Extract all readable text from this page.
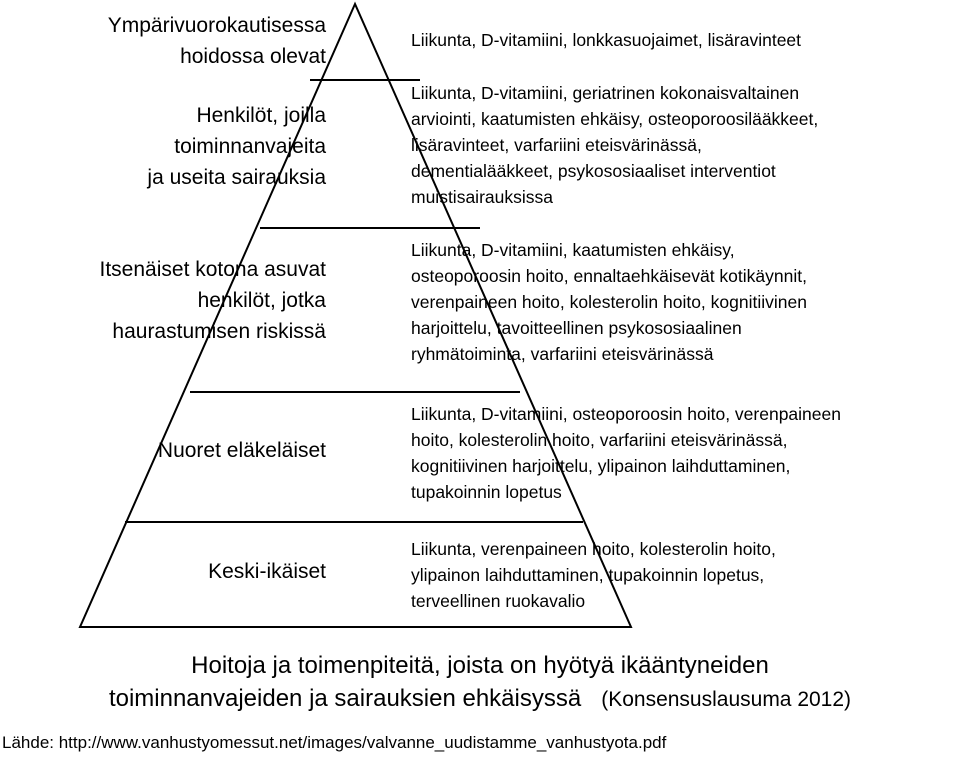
Ympärivuorokautisessa
hoidossa olevat
Henkilöt, joilla
toiminnanvajeita
ja useita sairauksia
Itsenäiset kotona asuvat
henkilöt, jotka
haurastumisen riskissä
Nuoret eläkeläiset
Keski-ikäiset
Liikunta, D-vitamiini, lonkkasuojaimet, lisäravinteet
Liikunta, D-vitamiini, geriatrinen kokonaisvaltainen
arviointi, kaatumisten ehkäisy, osteoporoosilääkkeet,
lisäravinteet, varfariini eteisvärinässä,
dementialääkkeet, psykososiaaliset interventiot
muistisairauksissa
Liikunta, D-vitamiini, kaatumisten ehkäisy,
osteoporoosin hoito, ennaltaehkäisevät kotikäynnit,
verenpaineen hoito, kolesterolin hoito, kognitiivinen
harjoittelu, tavoitteellinen psykososiaalinen
ryhmätoiminta, varfariini eteisvärinässä
Liikunta, D-vitamiini, osteoporoosin hoito, verenpaineen
hoito, kolesterolin hoito, varfariini eteisvärinässä,
kognitiivinen harjoittelu, ylipainon laihduttaminen,
tupakoinnin lopetus
Liikunta, verenpaineen hoito, kolesterolin hoito,
ylipainon laihduttaminen, tupakoinnin lopetus,
terveellinen ruokavalio
Hoitoja ja toimenpiteitä, joista on hyötyä ikääntyneiden
toiminnanvajeiden ja sairauksien ehkäisyssä (Konsensuslausuma 2012)
Lähde: http://www.vanhustyomessut.net/images/valvanne_uudistamme_vanhustyota.pdf
